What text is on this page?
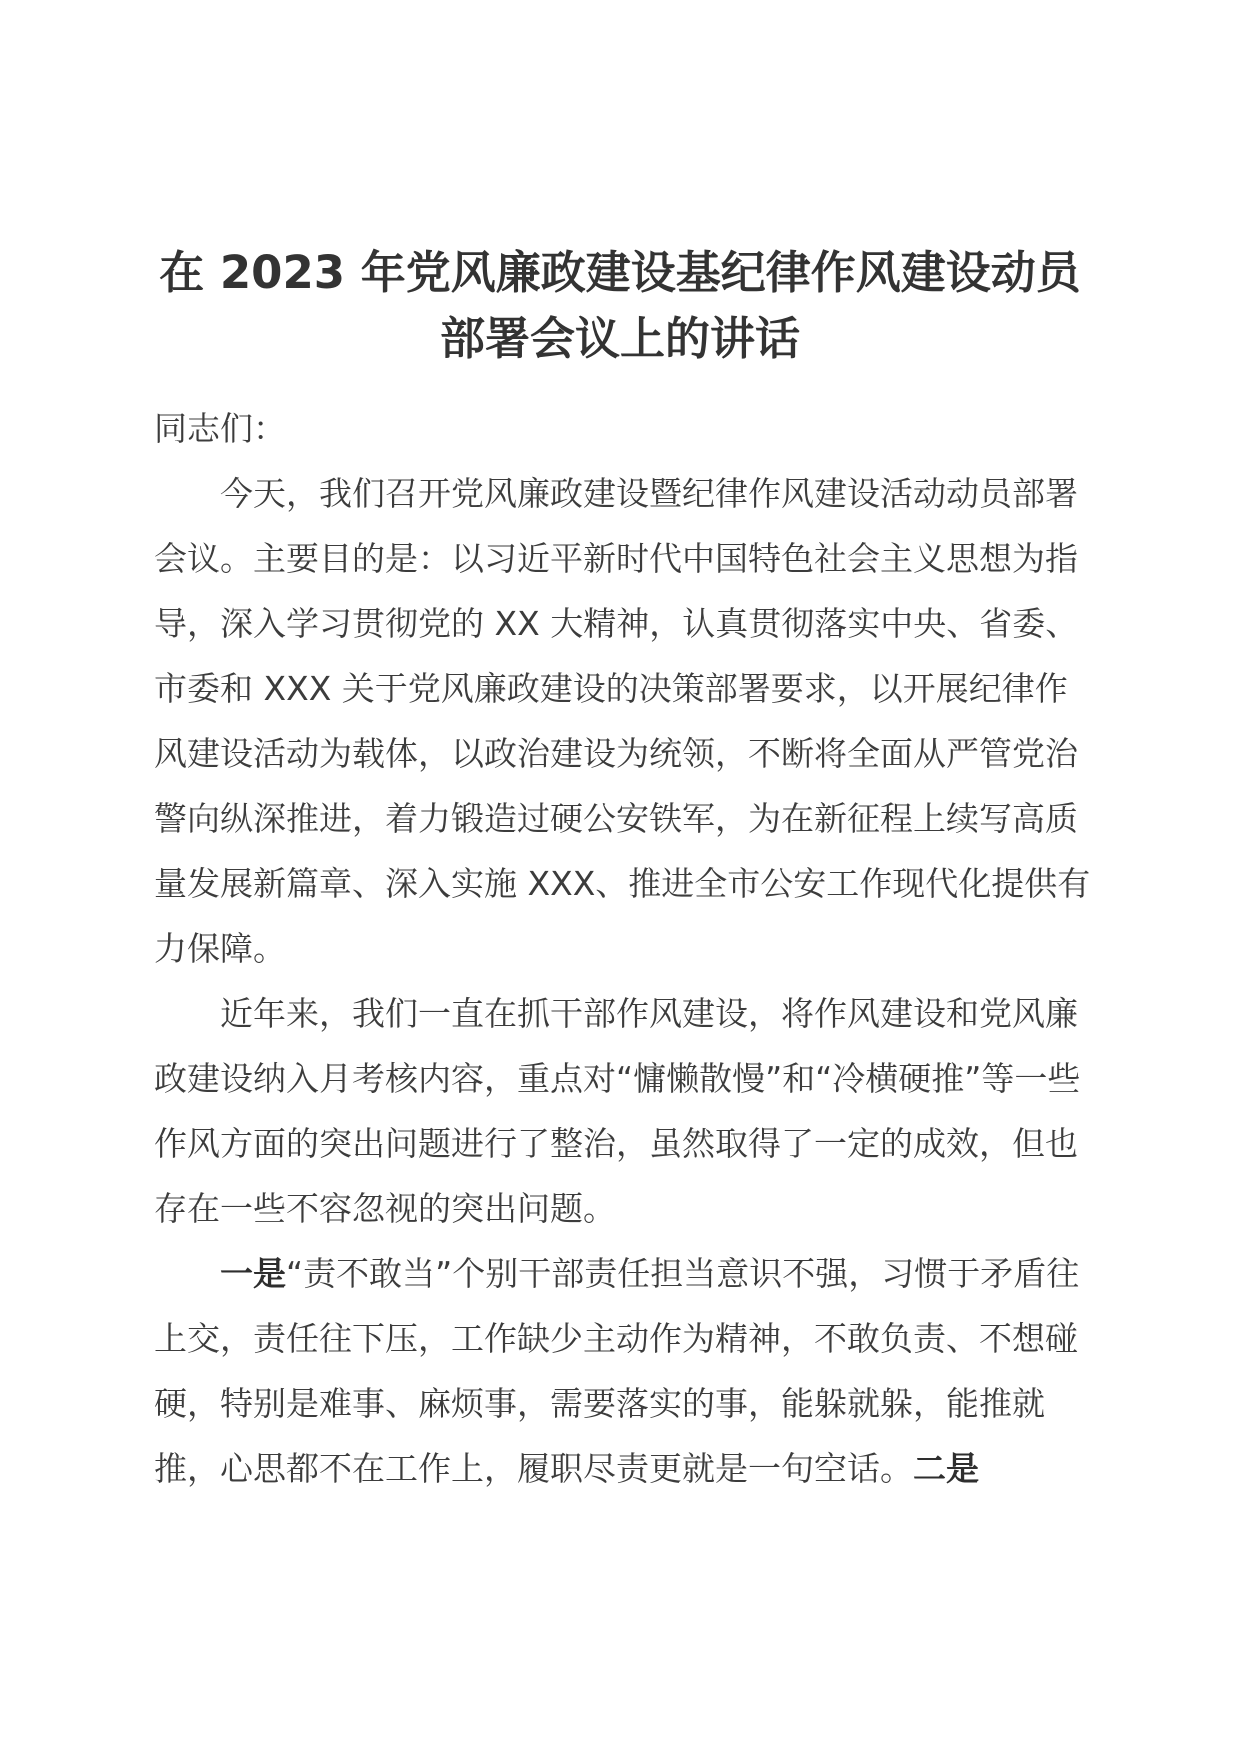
在 2023 年党风廉政建设基纪律作风建设动员
部署会议上的讲话

同志们：

今天，我们召开党风廉政建设暨纪律作风建设活动动员部署会议。主要目的是：以习近平新时代中国特色社会主义思想为指导，深入学习贯彻党的 XX 大精神，认真贯彻落实中央、省委、市委和 XXX 关于党风廉政建设的决策部署要求，以开展纪律作风建设活动为载体，以政治建设为统领，不断将全面从严管党治警向纵深推进，着力锻造过硬公安铁军，为在新征程上续写高质量发展新篇章、深入实施 XXX、推进全市公安工作现代化提供有力保障。

近年来，我们一直在抓干部作风建设，将作风建设和党风廉政建设纳入月考核内容，重点对“慵懒散慢”和“冷横硬推”等一些作风方面的突出问题进行了整治，虽然取得了一定的成效，但也存在一些不容忽视的突出问题。

一是“责不敢当”个别干部责任担当意识不强，习惯于矛盾往上交，责任往下压，工作缺少主动作为精神，不敢负责、不想碰硬，特别是难事、麻烦事，需要落实的事，能躲就躲，能推就推，心思都不在工作上，履职尽责更就是一句空话。二是
